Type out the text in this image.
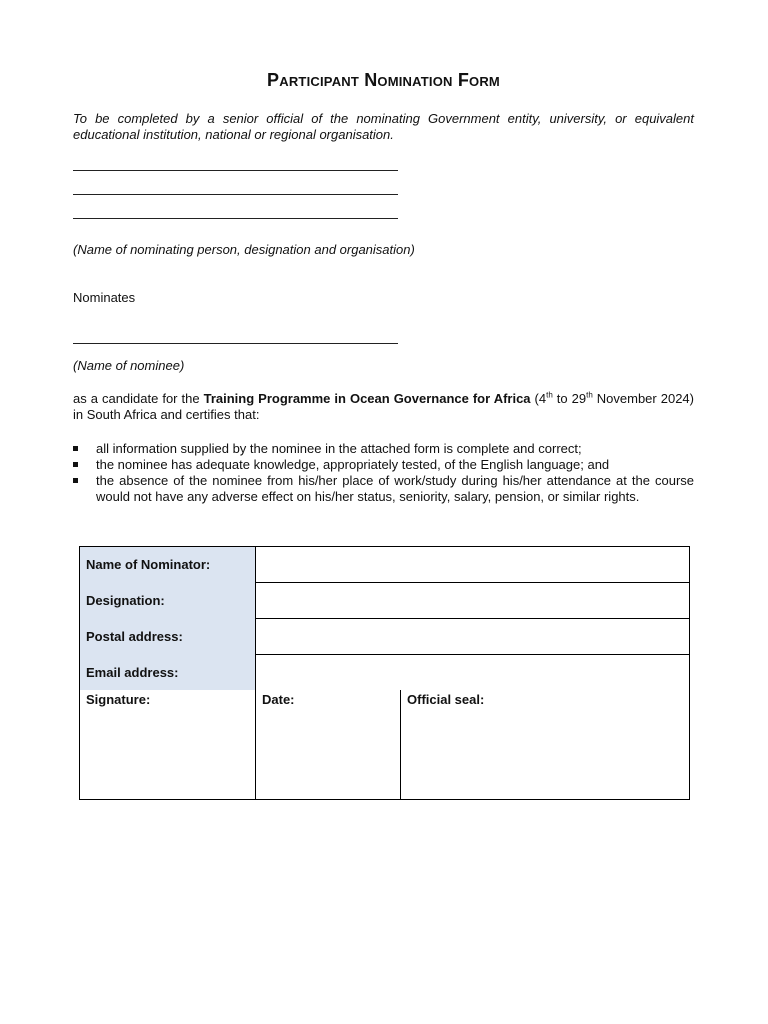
Participant Nomination Form

To be completed by a senior official of the nominating Government entity, university, or equivalent educational institution, national or regional organisation.

(Name of nominating person, designation and organisation)

Nominates

(Name of nominee)

as a candidate for the Training Programme in Ocean Governance for Africa (4th to 29th November 2024) in South Africa and certifies that:

all information supplied by the nominee in the attached form is complete and correct;
the nominee has adequate knowledge, appropriately tested, of the English language; and
the absence of the nominee from his/her place of work/study during his/her attendance at the course would not have any adverse effect on his/her status, seniority, salary, pension, or similar rights.
Name of Nominator:	
Designation:	
Postal address:	
Email address:	
Signature:	Date:	Official seal:
